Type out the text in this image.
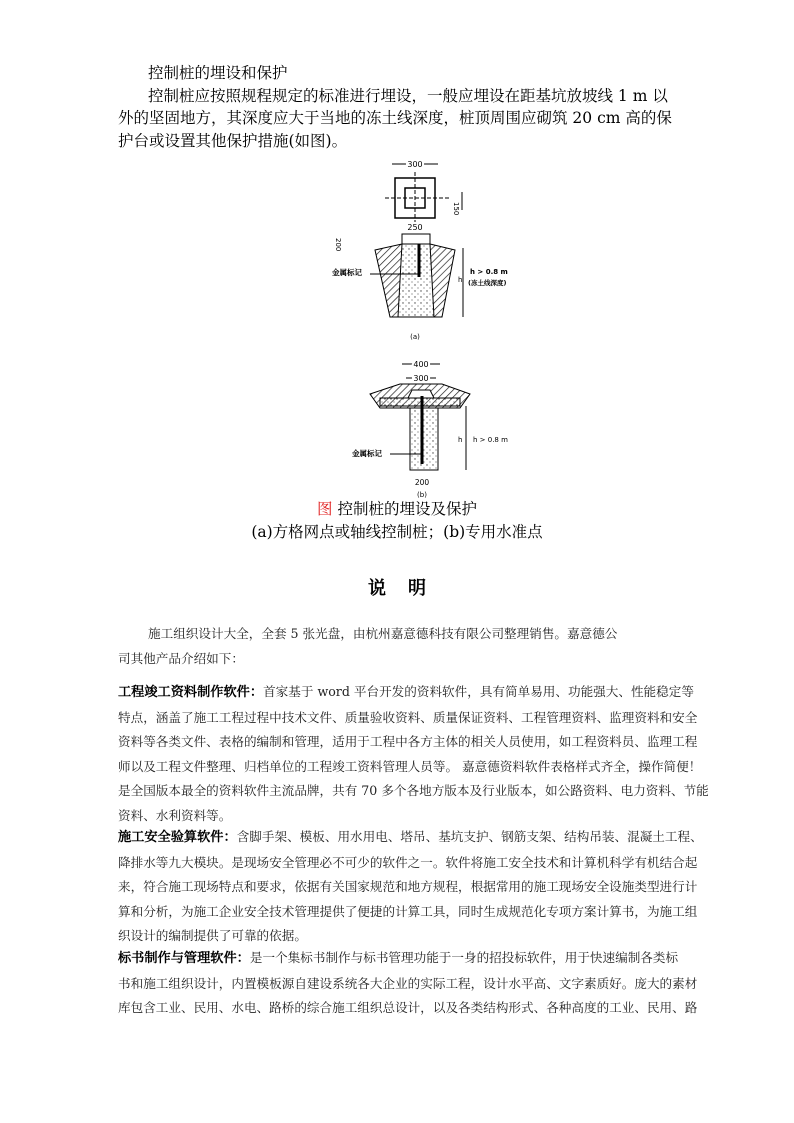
控制桩的埋设和保护
控制桩应按照规程规定的标准进行埋设，一般应埋设在距基坑放坡线 1 m 以
外的坚固地方，其深度应大于当地的冻土线深度，桩顶周围应砌筑 20 cm 高的保
护台或设置其他保护措施(如图)。
300
150
250
200
金属标记
h
h > 0.8 m
(冻土线深度)
(a)
400
300
金属标记
h h > 0.8 m
200
(b)
图 控制桩的埋设及保护
(a)方格网点或轴线控制桩；(b)专用水准点
说明
施工组织设计大全，全套 5 张光盘，由杭州嘉意德科技有限公司整理销售。嘉意德公
司其他产品介绍如下：
工程竣工资料制作软件：首家基于 word 平台开发的资料软件，具有简单易用、功能强大、性能稳定等
特点，涵盖了施工工程过程中技术文件、质量验收资料、质量保证资料、工程管理资料、监理资料和安全
资料等各类文件、表格的编制和管理，适用于工程中各方主体的相关人员使用，如工程资料员、监理工程
师以及工程文件整理、归档单位的工程竣工资料管理人员等。 嘉意德资料软件表格样式齐全，操作简便！
是全国版本最全的资料软件主流品牌，共有 70 多个各地方版本及行业版本，如公路资料、电力资料、节能
资料、水利资料等。
施工安全验算软件：含脚手架、模板、用水用电、塔吊、基坑支护、钢筋支架、结构吊装、混凝土工程、
降排水等九大模块。是现场安全管理必不可少的软件之一。软件将施工安全技术和计算机科学有机结合起
来，符合施工现场特点和要求，依据有关国家规范和地方规程，根据常用的施工现场安全设施类型进行计
算和分析，为施工企业安全技术管理提供了便捷的计算工具，同时生成规范化专项方案计算书，为施工组
织设计的编制提供了可靠的依据。
标书制作与管理软件：是一个集标书制作与标书管理功能于一身的招投标软件，用于快速编制各类标
书和施工组织设计，内置模板源自建设系统各大企业的实际工程，设计水平高、文字素质好。庞大的素材
库包含工业、民用、水电、路桥的综合施工组织总设计，以及各类结构形式、各种高度的工业、民用、路
